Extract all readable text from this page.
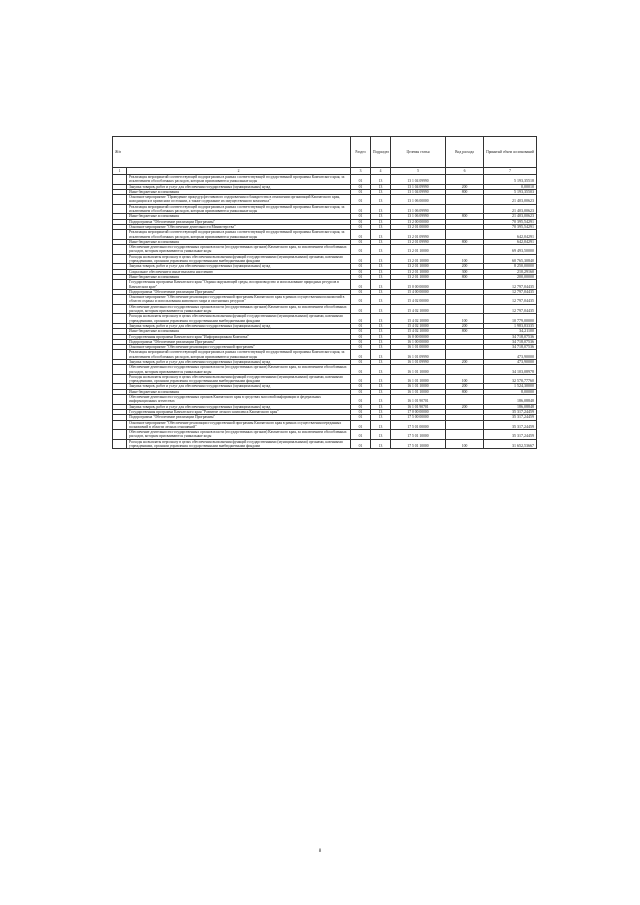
Ж/в		Раздел	Подраздел	Целевая статья	Вид расхода	Принятый объем ассигнований
1	2	3	4	5	6	7
	Реализация мероприятий соответствующей подпрограммы в рамках соответствующей государственной программы Камчатского края, за исключением обособленных расходов, которым присваиваются уникальные коды	01	13	13 1 04 09990		5 193,35518
	Закупка товаров, работ и услуг для обеспечения государственных (муниципальных) нужд	01	13	13 1 04 09990	200	0,00010
	Иные бюджетные ассигнования	01	13	13 1 04 09990	800	5 193,35503
	Основное мероприятие "Проведение процедур фестивового оздоровления и банкротства в отношении организаций Камчатского края, находящихся в кризисном состоянии, а также содержание их имущественного комплекса"	01	13	13 1 06 00000		21 403,00623
	Реализация мероприятий соответствующей подпрограммы в рамках соответствующей государственной программы Камчатского края, за исключением обособленных расходов, которым присваиваются уникальные коды	01	13	13 1 06 09990		21 403,00623
	Иные бюджетные ассигнования	01	13	13 1 06 09990	800	21 403,00623
	Подпрограмма "Обеспечение реализации Программы"	01	13	13 2 00 00000		70 395,54291
	Основное мероприятие "Обеспечение деятельности Министерства"	01	13	13 2 01 00000		70 395,54291
	Реализация мероприятий соответствующей подпрограммы в рамках соответствующей государственной программы Камчатского края, за исключением обособленных расходов, которым присваиваются уникальные коды	01	13	13 2 01 09990		642,04291
	Иные бюджетные ассигнования	01	13	13 2 01 09990	800	642,04291
	Обеспечение деятельности государственных органов власти (государственных органов) Камчатского края, за исключением обособленных расходов, которым присваиваются уникальные коды	01	13	13 2 01 10000		69 493,50000
	Расходы на выплаты персоналу в целях обеспечения выполнения функций государственными (муниципальными) органами, казенными учреждениями, органами управления государственными внебюджетными фондами	01	13	13 2 01 10000	100	60 765,30840
	Закупка товаров, работ и услуг для обеспечения государственных (муниципальных) нужд	01	13	13 2 01 10000	200	8 250,00000
	Социальное обеспечение и иные выплаты населению	01	13	13 2 01 10000	300	210,29160
	Иные бюджетные ассигнования	01	13	13 2 01 10000	800	200,00000
	Государственная программа Камчатского края "Охрана окружающей среды, воспроизводство и использование природных ресурсов в Камчатском крае"	01	13	15 0 00 00000		12 797,04435
	Подпрограмма "Обеспечение реализации Программы"	01	13	15 4 00 00000		12 797,04435
	Основное мероприятие "Обеспечение реализации государственной программы Камчатского края в рамках осуществления полномочий в области охраны и использования животного мира и охотничьих ресурсов"	01	13	15 4 02 00000		12 797,04435
	Обеспечение деятельности государственных органов власти (государственных органов) Камчатского края, за исключением обособленных расходов, которым присваиваются уникальные коды	01	13	15 4 02 10000		12 797,04435
	Расходы на выплаты персоналу в целях обеспечения выполнения функций государственными (муниципальными) органами, казенными учреждениями, органами управления государственными внебюджетными фондами	01	13	15 4 02 10000	100	10 779,00000
	Закупка товаров, работ и услуг для обеспечения государственных (муниципальных) нужд	01	13	15 4 02 10000	200	1 983,83335
	Иные бюджетные ассигнования	01	13	15 4 02 10000	800	34,21100
	Государственная программа Камчатского края "Информационная Камчатка"	01	13	16 0 00 00000		34 718,07536
	Подпрограмма "Обеспечение реализации Программы"	01	13	16 1 00 00000		34 718,07536
	Основное мероприятие "Обеспечение реализации государственной программы"	01	13	16 1 01 00000		34 718,07536
	Реализация мероприятий соответствующей подпрограммы в рамках соответствующей государственной программы Камчатского края, за исключением обособленных расходов, которым присваиваются уникальные коды	01	13	16 1 01 09990		473,90000
	Закупка товаров, работ и услуг для обеспечения государственных (муниципальных) нужд	01	13	16 1 01 09990	200	473,90000
	Обеспечение деятельности государственных органов власти (государственных органов) Камчатского края, за исключением обособленных расходов, которым присваиваются уникальные коды	01	13	16 1 01 10000		34 103,08978
	Расходы на выплаты персоналу в целях обеспечения выполнения функций государственными (муниципальными) органами, казенными учреждениями, органами управления государственными внебюджетными фондами	01	13	16 1 01 10000	100	32 570,77760
	Закупка товаров, работ и услуг для обеспечения государственных (муниципальных) нужд	01	13	16 1 01 10000	200	1 524,30000
	Иные бюджетные ассигнования	01	13	16 1 01 10000	800	8,00000
	Обеспечение деятельности государственных органов Камчатского края в средствах массовой информации и федеральных информационных агентствах	01	13	16 1 01 90701		186,08848
	Закупка товаров, работ и услуг для обеспечения государственных (муниципальных) нужд	01	13	16 1 01 90701	200	186,08848
	Государственная программа Камчатского края "Развитие лесного комплекса Камчатского края"	01	13	17 0 00 00000		35 317,24459
	Подпрограмма "Обеспечение реализации Программы"	01	13	17 5 00 00000		35 317,24459
	Основное мероприятие "Обеспечение реализации государственной программы Камчатского края в рамках осуществления переданных полномочий в области лесных отношений"	01	13	17 5 01 00000		35 317,24459
	Обеспечение деятельности государственных органов власти (государственных органов) Камчатского края, за исключением обособленных расходов, которым присваиваются уникальные коды	01	13	17 5 01 10000		35 317,24459
	Расходы на выплаты персоналу в целях обеспечения выполнения функций государственными (муниципальными) органами, казенными учреждениями, органами управления государственными внебюджетными фондами	01	13	17 5 01 10000	100	31 652,53667
8
